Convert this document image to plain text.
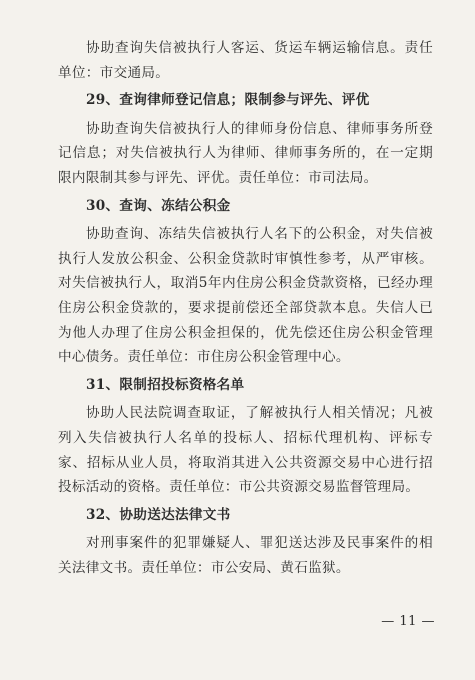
协助查询失信被执行人客运、货运车辆运输信息。责任单位：市交通局。

29、查询律师登记信息；限制参与评先、评优

协助查询失信被执行人的律师身份信息、律师事务所登记信息；对失信被执行人为律师、律师事务所的，在一定期限内限制其参与评先、评优。责任单位：市司法局。

30、查询、冻结公积金

协助查询、冻结失信被执行人名下的公积金，对失信被执行人发放公积金、公积金贷款时审慎性参考，从严审核。对失信被执行人，取消5年内住房公积金贷款资格，已经办理住房公积金贷款的，要求提前偿还全部贷款本息。失信人已为他人办理了住房公积金担保的，优先偿还住房公积金管理中心债务。责任单位：市住房公积金管理中心。

31、限制招投标资格名单

协助人民法院调查取证，了解被执行人相关情况；凡被列入失信被执行人名单的投标人、招标代理机构、评标专家、招标从业人员，将取消其进入公共资源交易中心进行招投标活动的资格。责任单位：市公共资源交易监督管理局。

32、协助送达法律文书

对刑事案件的犯罪嫌疑人、罪犯送达涉及民事案件的相关法律文书。责任单位：市公安局、黄石监狱。

— 11 —
